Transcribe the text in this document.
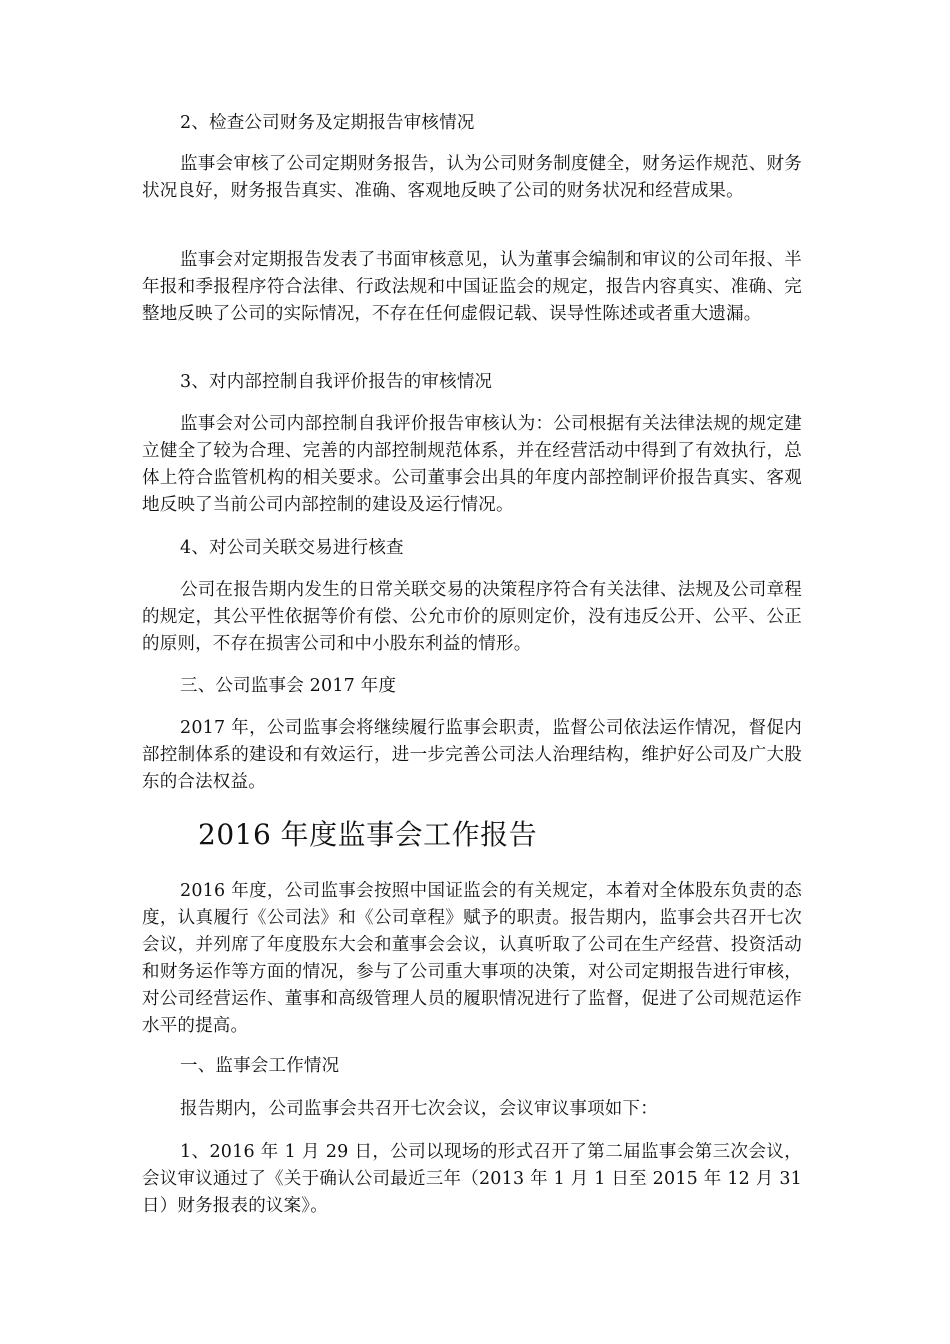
2、检查公司财务及定期报告审核情况

监事会审核了公司定期财务报告，认为公司财务制度健全，财务运作规范、财务状况良好，财务报告真实、准确、客观地反映了公司的财务状况和经营成果。

监事会对定期报告发表了书面审核意见，认为董事会编制和审议的公司年报、半年报和季报程序符合法律、行政法规和中国证监会的规定，报告内容真实、准确、完整地反映了公司的实际情况，不存在任何虚假记载、误导性陈述或者重大遗漏。

3、对内部控制自我评价报告的审核情况

监事会对公司内部控制自我评价报告审核认为：公司根据有关法律法规的规定建立健全了较为合理、完善的内部控制规范体系，并在经营活动中得到了有效执行，总体上符合监管机构的相关要求。公司董事会出具的年度内部控制评价报告真实、客观地反映了当前公司内部控制的建设及运行情况。

4、对公司关联交易进行核查

公司在报告期内发生的日常关联交易的决策程序符合有关法律、法规及公司章程的规定，其公平性依据等价有偿、公允市价的原则定价，没有违反公开、公平、公正的原则，不存在损害公司和中小股东利益的情形。

三、公司监事会 2017 年度

2017 年，公司监事会将继续履行监事会职责，监督公司依法运作情况，督促内部控制体系的建设和有效运行，进一步完善公司法人治理结构，维护好公司及广大股东的合法权益。

2016 年度监事会工作报告

2016 年度，公司监事会按照中国证监会的有关规定，本着对全体股东负责的态度，认真履行《公司法》和《公司章程》赋予的职责。报告期内，监事会共召开七次会议，并列席了年度股东大会和董事会会议，认真听取了公司在生产经营、投资活动和财务运作等方面的情况，参与了公司重大事项的决策，对公司定期报告进行审核，对公司经营运作、董事和高级管理人员的履职情况进行了监督，促进了公司规范运作水平的提高。

一、监事会工作情况

报告期内，公司监事会共召开七次会议，会议审议事项如下：

1、2016 年 1 月 29 日，公司以现场的形式召开了第二届监事会第三次会议，会议审议通过了《关于确认公司最近三年（2013 年 1 月 1 日至 2015 年 12 月 31 日）财务报表的议案》。
